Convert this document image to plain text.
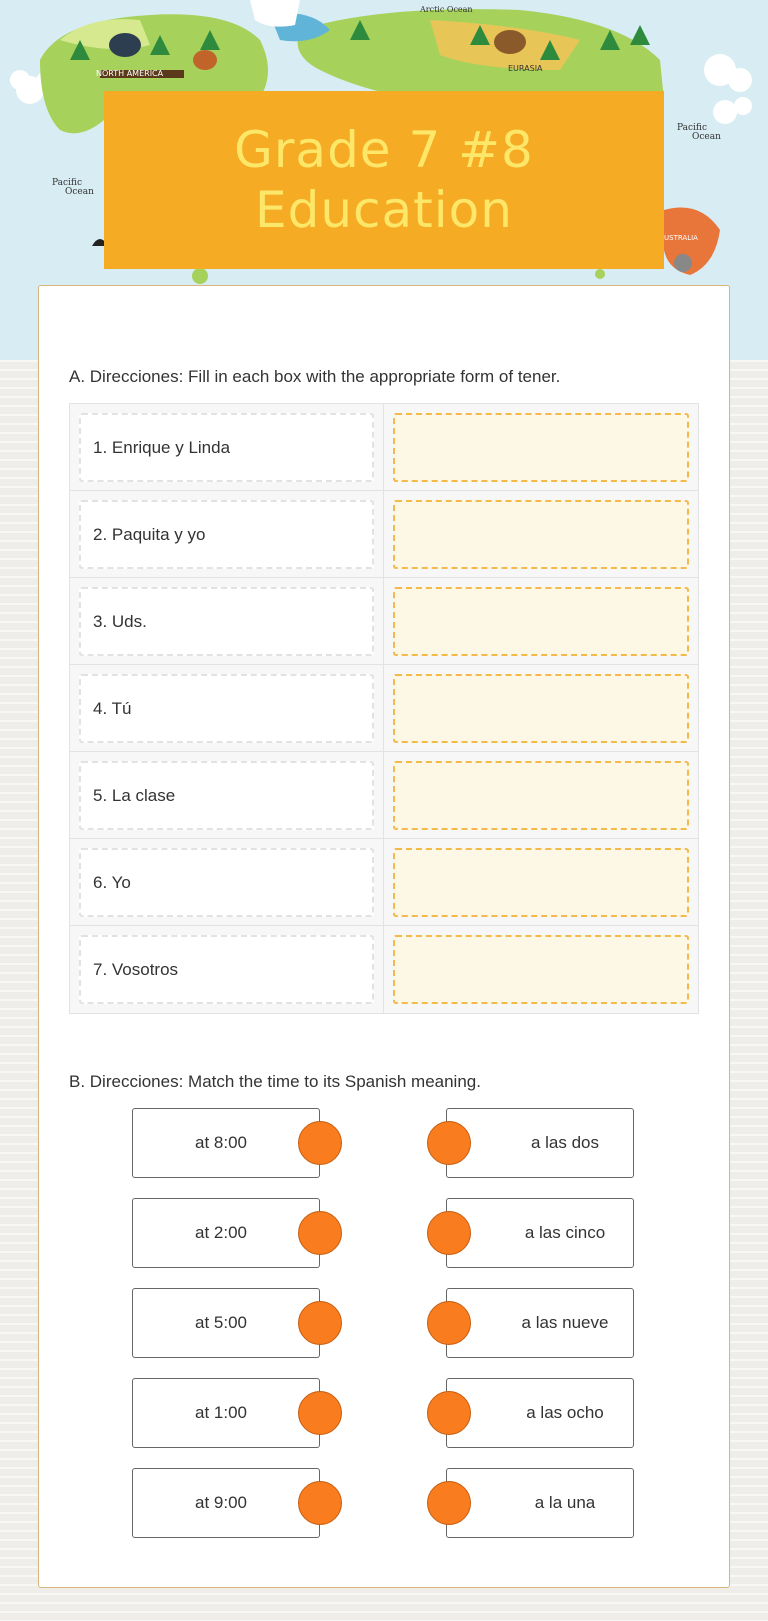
Arctic Ocean
NORTH AMERICA
EURASIA
Pacific
Ocean
Pacific
Ocean
USTRALIA
Grade 7 #8
Education
A. Direcciones: Fill in each box with the appropriate form of tener.
1. Enrique y Linda
2. Paquita y yo
3. Uds.
4. Tú
5. La clase
6. Yo
7. Vosotros
B. Direcciones: Match the time to its Spanish meaning.
at 8:00	a las dos
at 2:00	a las cinco
at 5:00	a las nueve
at 1:00	a las ocho
at 9:00	a la una
